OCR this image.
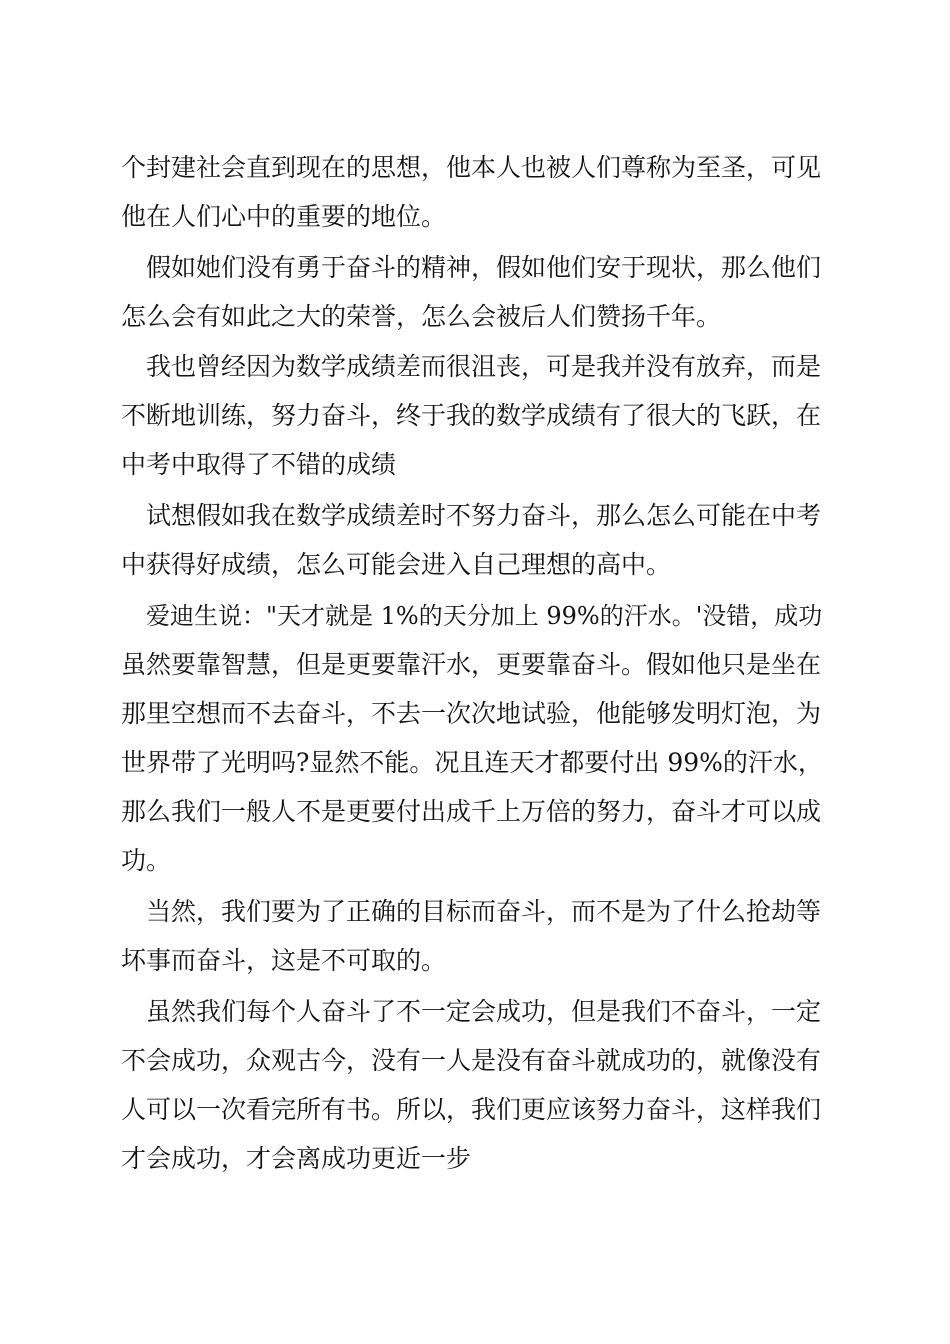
个封建社会直到现在的思想，他本人也被人们尊称为至圣，可见
他在人们心中的重要的地位。
假如她们没有勇于奋斗的精神，假如他们安于现状，那么他们
怎么会有如此之大的荣誉，怎么会被后人们赞扬千年。
我也曾经因为数学成绩差而很沮丧，可是我并没有放弃，而是
不断地训练，努力奋斗，终于我的数学成绩有了很大的飞跃，在
中考中取得了不错的成绩
试想假如我在数学成绩差时不努力奋斗，那么怎么可能在中考
中获得好成绩，怎么可能会进入自己理想的高中。
爱迪生说："天才就是 1%的天分加上 99%的汗水。'没错，成功
虽然要靠智慧，但是更要靠汗水，更要靠奋斗。假如他只是坐在
那里空想而不去奋斗，不去一次次地试验，他能够发明灯泡，为
世界带了光明吗?显然不能。况且连天才都要付出 99%的汗水，
那么我们一般人不是更要付出成千上万倍的努力，奋斗才可以成
功。
当然，我们要为了正确的目标而奋斗，而不是为了什么抢劫等
坏事而奋斗，这是不可取的。
虽然我们每个人奋斗了不一定会成功，但是我们不奋斗，一定
不会成功，众观古今，没有一人是没有奋斗就成功的，就像没有
人可以一次看完所有书。所以，我们更应该努力奋斗，这样我们
才会成功，才会离成功更近一步
